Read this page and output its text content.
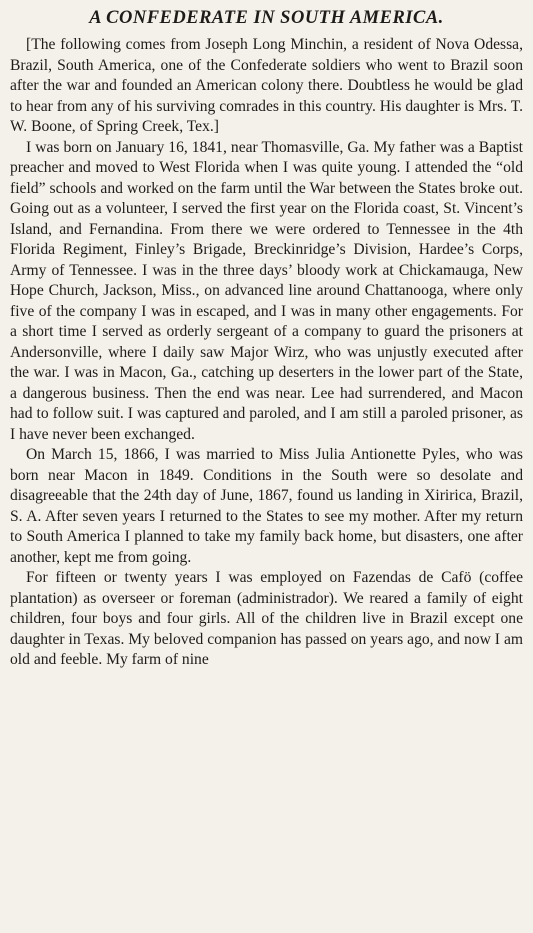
A CONFEDERATE IN SOUTH AMERICA.

[The following comes from Joseph Long Minchin, a resident of Nova Odessa, Brazil, South America, one of the Confederate soldiers who went to Brazil soon after the war and founded an American colony there. Doubtless he would be glad to hear from any of his surviving comrades in this country. His daughter is Mrs. T. W. Boone, of Spring Creek, Tex.]

I was born on January 16, 1841, near Thomasville, Ga. My father was a Baptist preacher and moved to West Florida when I was quite young. I attended the “old field” schools and worked on the farm until the War between the States broke out. Going out as a volunteer, I served the first year on the Florida coast, St. Vincent’s Island, and Fernandina. From there we were ordered to Tennessee in the 4th Florida Regiment, Finley’s Brigade, Breckinridge’s Division, Hardee’s Corps, Army of Tennessee. I was in the three days’ bloody work at Chickamauga, New Hope Church, Jackson, Miss., on advanced line around Chattanooga, where only five of the company I was in escaped, and I was in many other engagements. For a short time I served as orderly sergeant of a company to guard the prisoners at Andersonville, where I daily saw Major Wirz, who was unjustly executed after the war. I was in Macon, Ga., catching up deserters in the lower part of the State, a dangerous business. Then the end was near. Lee had surrendered, and Macon had to follow suit. I was captured and paroled, and I am still a paroled prisoner, as I have never been exchanged.

On March 15, 1866, I was married to Miss Julia Antionette Pyles, who was born near Macon in 1849. Conditions in the South were so desolate and disagreeable that the 24th day of June, 1867, found us landing in Xiririca, Brazil, S. A. After seven years I returned to the States to see my mother. After my return to South America I planned to take my family back home, but disasters, one after another, kept me from going.

For fifteen or twenty years I was employed on Fazendas de Cafö (coffee plantation) as overseer or foreman (administrador). We reared a family of eight children, four boys and four girls. All of the children live in Brazil except one daughter in Texas. My beloved companion has passed on years ago, and now I am old and feeble. My farm of nine
